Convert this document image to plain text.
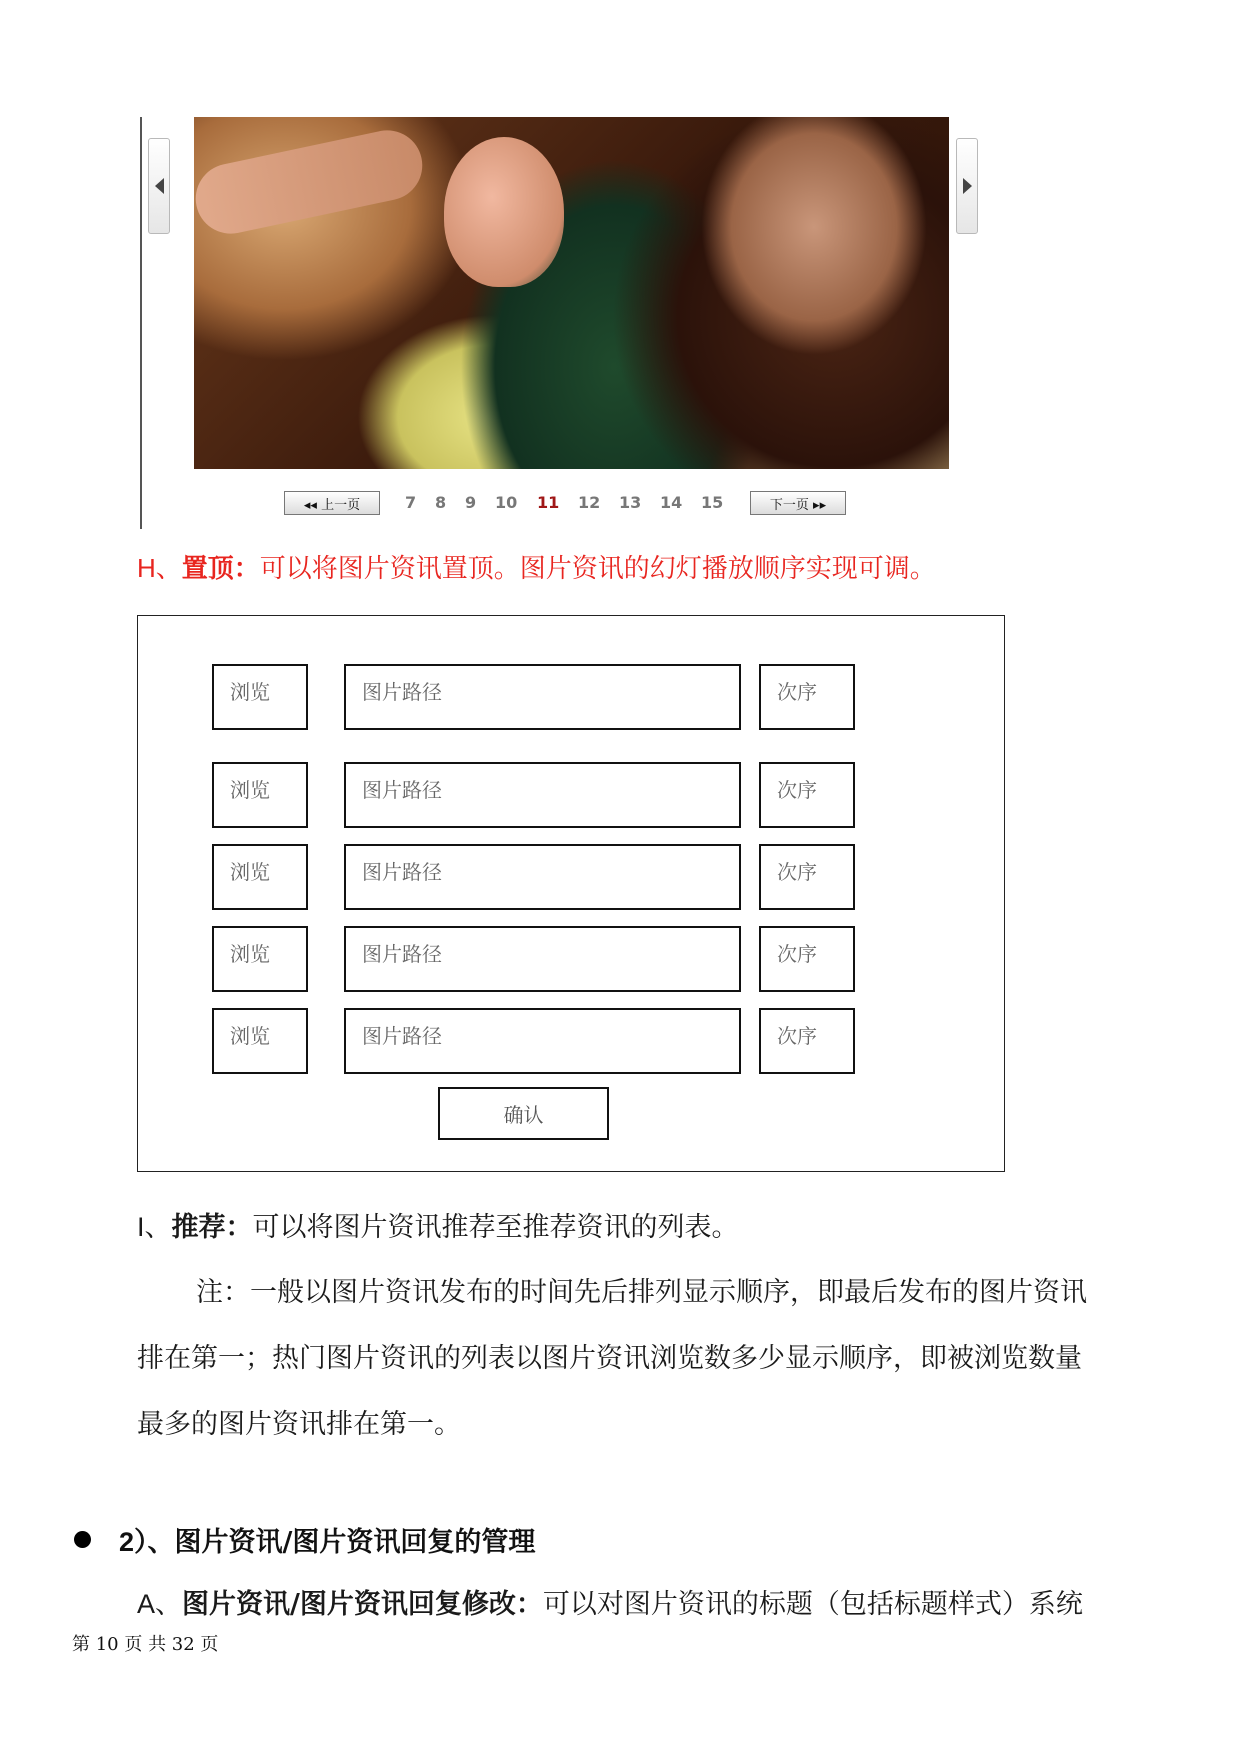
◂◂ 上一页	7 8 9 10 11 12 13 14 15	下一页 ▸▸
H、置顶：可以将图片资讯置顶。图片资讯的幻灯播放顺序实现可调。
浏览	图片路径	次序
浏览	图片路径	次序
浏览	图片路径	次序
浏览	图片路径	次序
浏览	图片路径	次序
确认
I、推荐：可以将图片资讯推荐至推荐资讯的列表。
注：一般以图片资讯发布的时间先后排列显示顺序，即最后发布的图片资讯
排在第一；热门图片资讯的列表以图片资讯浏览数多少显示顺序，即被浏览数量
最多的图片资讯排在第一。
2）、 图片资讯/图片资讯回复的管理
A、图片资讯/图片资讯回复修改：可以对图片资讯的标题（包括标题样式）系统
第 10 页 共 32 页
